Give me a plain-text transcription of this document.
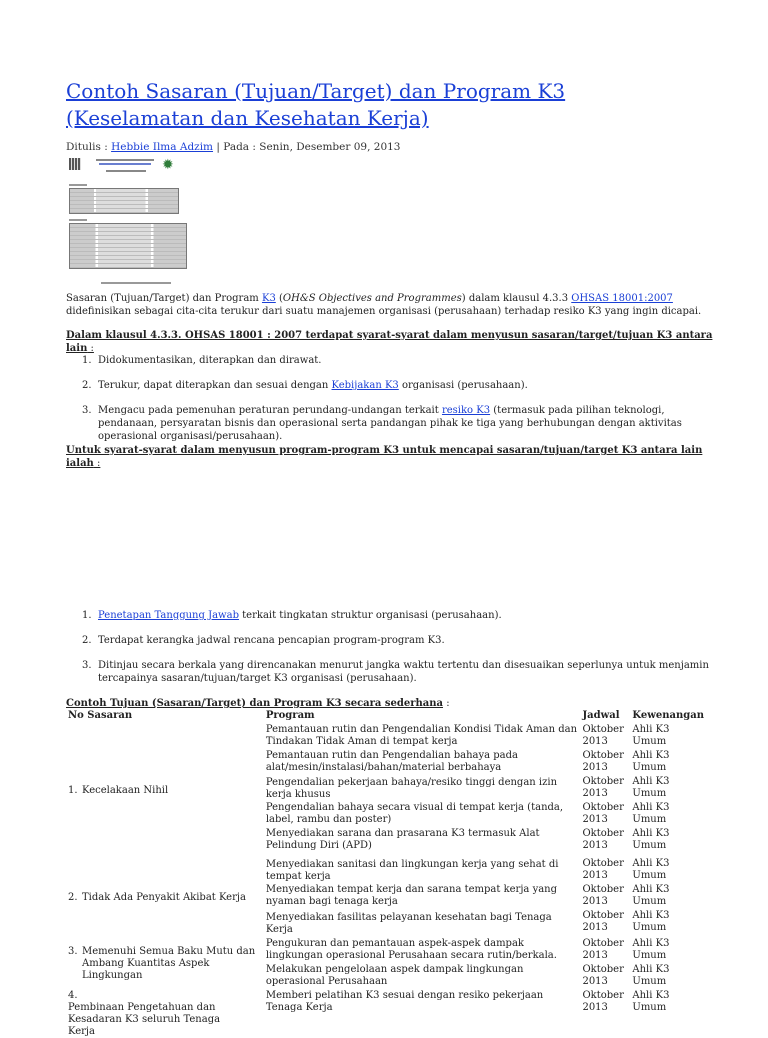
Contoh Sasaran (Tujuan/Target) dan Program K3 (Keselamatan dan Kesehatan Kerja)
Ditulis : Hebbie Ilma Adzim | Pada : Senin, Desember 09, 2013
✹
Sasaran (Tujuan/Target) dan Program K3 (OH&S Objectives and Programmes) dalam klausul 4.3.3 OHSAS 18001:2007 didefinisikan sebagai cita-cita terukur dari suatu manajemen organisasi (perusahaan) terhadap resiko K3 yang ingin dicapai.
Dalam klausul 4.3.3. OHSAS 18001 : 2007 terdapat syarat-syarat dalam menyusun sasaran/target/tujuan K3 antara lain :
1. Didokumentasikan, diterapkan dan dirawat.
2. Terukur, dapat diterapkan dan sesuai dengan Kebijakan K3 organisasi (perusahaan).
3. Mengacu pada pemenuhan peraturan perundang-undangan terkait resiko K3 (termasuk pada pilihan teknologi, pendanaan, persyaratan bisnis dan operasional serta pandangan pihak ke tiga yang berhubungan dengan aktivitas operasional organisasi/perusahaan).
Untuk syarat-syarat dalam menyusun program-program K3 untuk mencapai sasaran/tujuan/target K3 antara lain ialah :
1. Penetapan Tanggung Jawab terkait tingkatan struktur organisasi (perusahaan).
2. Terdapat kerangka jadwal rencana pencapian program-program K3.
3. Ditinjau secara berkala yang direncanakan menurut jangka waktu tertentu dan disesuaikan seperlunya untuk menjamin tercapainya sasaran/tujuan/target K3 organisasi (perusahaan).
Contoh Tujuan (Sasaran/Target) dan Program K3 secara sederhana :
No Sasaran	Program	Jadwal	Kewenangan
1. Kecelakaan Nihil	Pemantauan rutin dan Pengendalian Kondisi Tidak Aman dan Tindakan Tidak Aman di tempat kerja	Oktober 2013	Ahli K3 Umum
	Pemantauan rutin dan Pengendalian bahaya pada alat/mesin/instalasi/bahan/material berbahaya	Oktober 2013	Ahli K3 Umum
	Pengendalian pekerjaan bahaya/resiko tinggi dengan izin kerja khusus	Oktober 2013	Ahli K3 Umum
	Pengendalian bahaya secara visual di tempat kerja (tanda, label, rambu dan poster)	Oktober 2013	Ahli K3 Umum
	Menyediakan sarana dan prasarana K3 termasuk Alat Pelindung Diri (APD)	Oktober 2013	Ahli K3 Umum
2. Tidak Ada Penyakit Akibat Kerja	Menyediakan sanitasi dan lingkungan kerja yang sehat di tempat kerja	Oktober 2013	Ahli K3 Umum
	Menyediakan tempat kerja dan sarana tempat kerja yang nyaman bagi tenaga kerja	Oktober 2013	Ahli K3 Umum
	Menyediakan fasilitas pelayanan kesehatan bagi Tenaga Kerja	Oktober 2013	Ahli K3 Umum
3. Memenuhi Semua Baku Mutu dan Ambang Kuantitas Aspek Lingkungan	Pengukuran dan pemantauan aspek-aspek dampak lingkungan operasional Perusahaan secara rutin/berkala.	Oktober 2013	Ahli K3 Umum
	Melakukan pengelolaan aspek dampak lingkungan operasional Perusahaan	Oktober 2013	Ahli K3 Umum
4.Pembinaan Pengetahuan dan Kesadaran K3 seluruh Tenaga Kerja	Memberi pelatihan K3 sesuai dengan resiko pekerjaan Tenaga Kerja	Oktober 2013	Ahli K3 Umum
